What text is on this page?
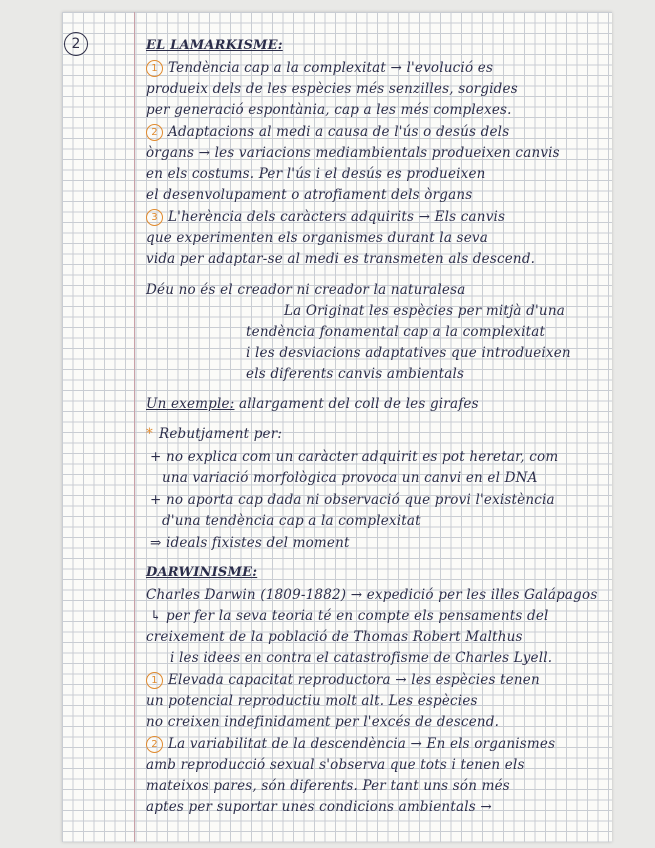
2	EL LAMARKISME:
1 Tendència cap a la complexitat → l'evolució es
produeix dels de les espècies més senzilles, sorgides
per generació espontània, cap a les més complexes.
2 Adaptacions al medi a causa de l'ús o desús dels
òrgans → les variacions mediambientals produeixen canvis
en els costums. Per l'ús i el desús es produeixen
el desenvolupament o atrofiament dels òrgans
3 L'herència dels caràcters adquirits → Els canvis
que experimenten els organismes durant la seva
vida per adaptar-se al medi es transmeten als descend.
Déu no és el creador ni creador la naturalesa
La Originat les espècies per mitjà d'una
tendència fonamental cap a la complexitat
i les desviacions adaptatives que introdueixen
els diferents canvis ambientals
Un exemple: allargament del coll de les girafes
* Rebutjament per:
+ no explica com un caràcter adquirit es pot heretar, com
una variació morfològica provoca un canvi en el DNA
+ no aporta cap dada ni observació que provi l'existència
d'una tendència cap a la complexitat
⇒ ideals fixistes del moment
DARWINISME:
Charles Darwin (1809-1882) → expedició per les illes Galápagos
↳ per fer la seva teoria té en compte els pensaments del
creixement de la població de Thomas Robert Malthus
i les idees en contra el catastrofisme de Charles Lyell.
1 Elevada capacitat reproductora → les espècies tenen
un potencial reproductiu molt alt. Les espècies
no creixen indefinidament per l'excés de descend.
2 La variabilitat de la descendència → En els organismes
amb reproducció sexual s'observa que tots i tenen els
mateixos pares, són diferents. Per tant uns són més
aptes per suportar unes condicions ambientals →
